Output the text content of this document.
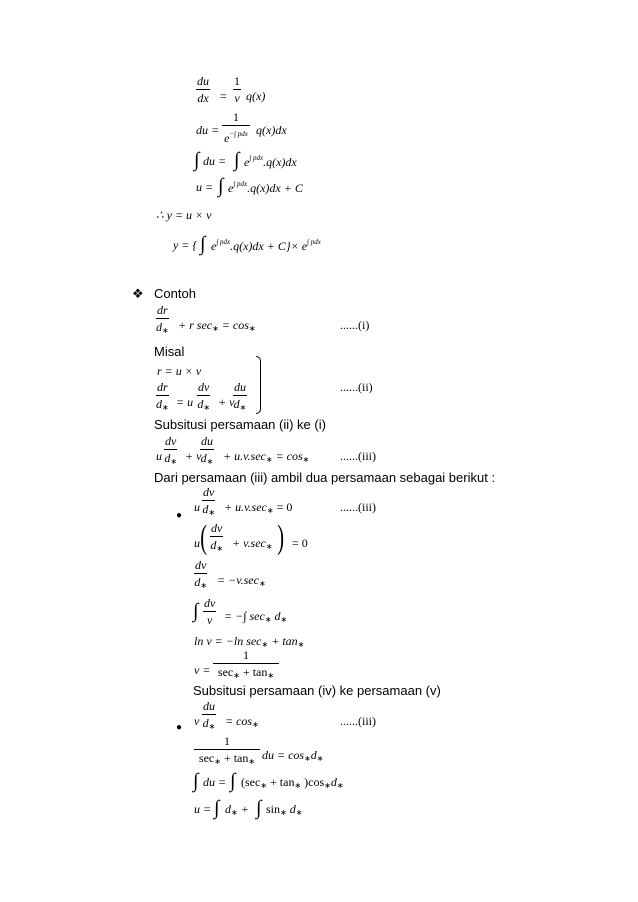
$\frac{du}{dx} = \frac{1}{v} q(x)$
du =
1
$e^{-\int pdx}$ q(x)dx
∫ du = ∫ $e^{\int pdx}.q(x)dx$
u = ∫ $e^{\int pdx}.q(x)dx + C$
∴ y = u × v
y = { ∫ $e^{\int pdx}.q(x)dx + C\}\times e^{\int pdx}$
❖ Contoh
$\frac{dr}{d_∗} + r$ $\sec_∗ = \cos_∗$	......(i)
Misal
r = u × v
$\frac{dr}{d_∗} = u \frac{dv}{d_∗} + v$
$\frac{du}{d_∗}$	......(ii)
Subsitusi persamaan (ii) ke (i)
u $\frac{dv}{d_∗} + v$
$\frac{du}{d_∗} + u.v.\sec_∗ = \cos_∗$	......(iii)
Dari persamaan (iii) ambil dua persamaan sebagai berikut :
●
u $\frac{dv}{d_∗} + u.v.\sec_∗ = 0$	......(iii)
u ( $\frac{dv}{d_∗} + v.\sec_∗$ ) = 0
$\frac{dv}{d_∗} = -v.\sec_∗$
∫ $\frac{dv}{v}$ = −∫ $\sec_∗ d_∗$
ln v = −ln $\sec_∗ + \tan_∗$
v =
1
$\sec_∗ + \tan_∗$
Subsitusi persamaan (iv) ke persamaan (v)
● v $\frac{du}{d_∗} = \cos_∗$	......(iii)
1
$\sec_∗ + \tan_∗$ du = $\cos_∗d_∗$
∫ du = ∫ $(\sec_∗ + \tan_∗ )\cos_∗d_∗$
u = ∫ $d_∗$ + ∫ $\sin_∗ d_∗$
